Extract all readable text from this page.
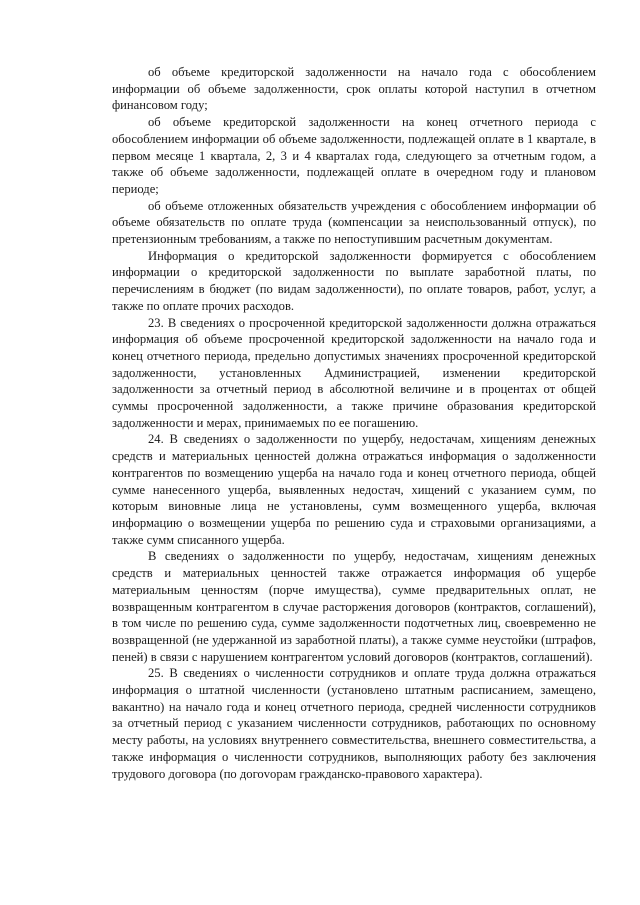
об объеме кредиторской задолженности на начало года с обособлением информации об объеме задолженности, срок оплаты которой наступил в отчетном финансовом году;

об объеме кредиторской задолженности на конец отчетного периода с обособлением информации об объеме задолженности, подлежащей оплате в 1 квартале, в первом месяце 1 квартала, 2, 3 и 4 кварталах года, следующего за отчетным годом, а также об объеме задолженности, подлежащей оплате в очередном году и плановом периоде;

об объеме отложенных обязательств учреждения с обособлением информации об объеме обязательств по оплате труда (компенсации за неиспользованный отпуск), по претензионным требованиям, а также по непоступившим расчетным документам.

Информация о кредиторской задолженности формируется с обособлением информации о кредиторской задолженности по выплате заработной платы, по перечислениям в бюджет (по видам задолженности), по оплате товаров, работ, услуг, а также по оплате прочих расходов.

23. В сведениях о просроченной кредиторской задолженности должна отражаться информация об объеме просроченной кредиторской задолженности на начало года и конец отчетного периода, предельно допустимых значениях просроченной кредиторской задолженности, установленных Администрацией, изменении кредиторской задолженности за отчетный период в абсолютной величине и в процентах от общей суммы просроченной задолженности, а также причине образования кредиторской задолженности и мерах, принимаемых по ее погашению.

24. В сведениях о задолженности по ущербу, недостачам, хищениям денежных средств и материальных ценностей должна отражаться информация о задолженности контрагентов по возмещению ущерба на начало года и конец отчетного периода, общей сумме нанесенного ущерба, выявленных недостач, хищений с указанием сумм, по которым виновные лица не установлены, сумм возмещенного ущерба, включая информацию о возмещении ущерба по решению суда и страховыми организациями, а также сумм списанного ущерба.

В сведениях о задолженности по ущербу, недостачам, хищениям денежных средств и материальных ценностей также отражается информация об ущербе материальным ценностям (порче имущества), сумме предварительных оплат, не возвращенным контрагентом в случае расторжения договоров (контрактов, соглашений), в том числе по решению суда, сумме задолженности подотчетных лиц, своевременно не возвращенной (не удержанной из заработной платы), а также сумме неустойки (штрафов, пеней) в связи с нарушением контрагентом условий договоров (контрактов, соглашений).

25. В сведениях о численности сотрудников и оплате труда должна отражаться информация о штатной численности (установлено штатным расписанием, замещено, вакантно) на начало года и конец отчетного периода, средней численности сотрудников за отчетный период с указанием численности сотрудников, работающих по основному месту работы, на условиях внутреннего совместительства, внешнего совместительства, а также информация о численности сотрудников, выполняющих работу без заключения трудового договора (по догоvорам гражданско-правового характера).
